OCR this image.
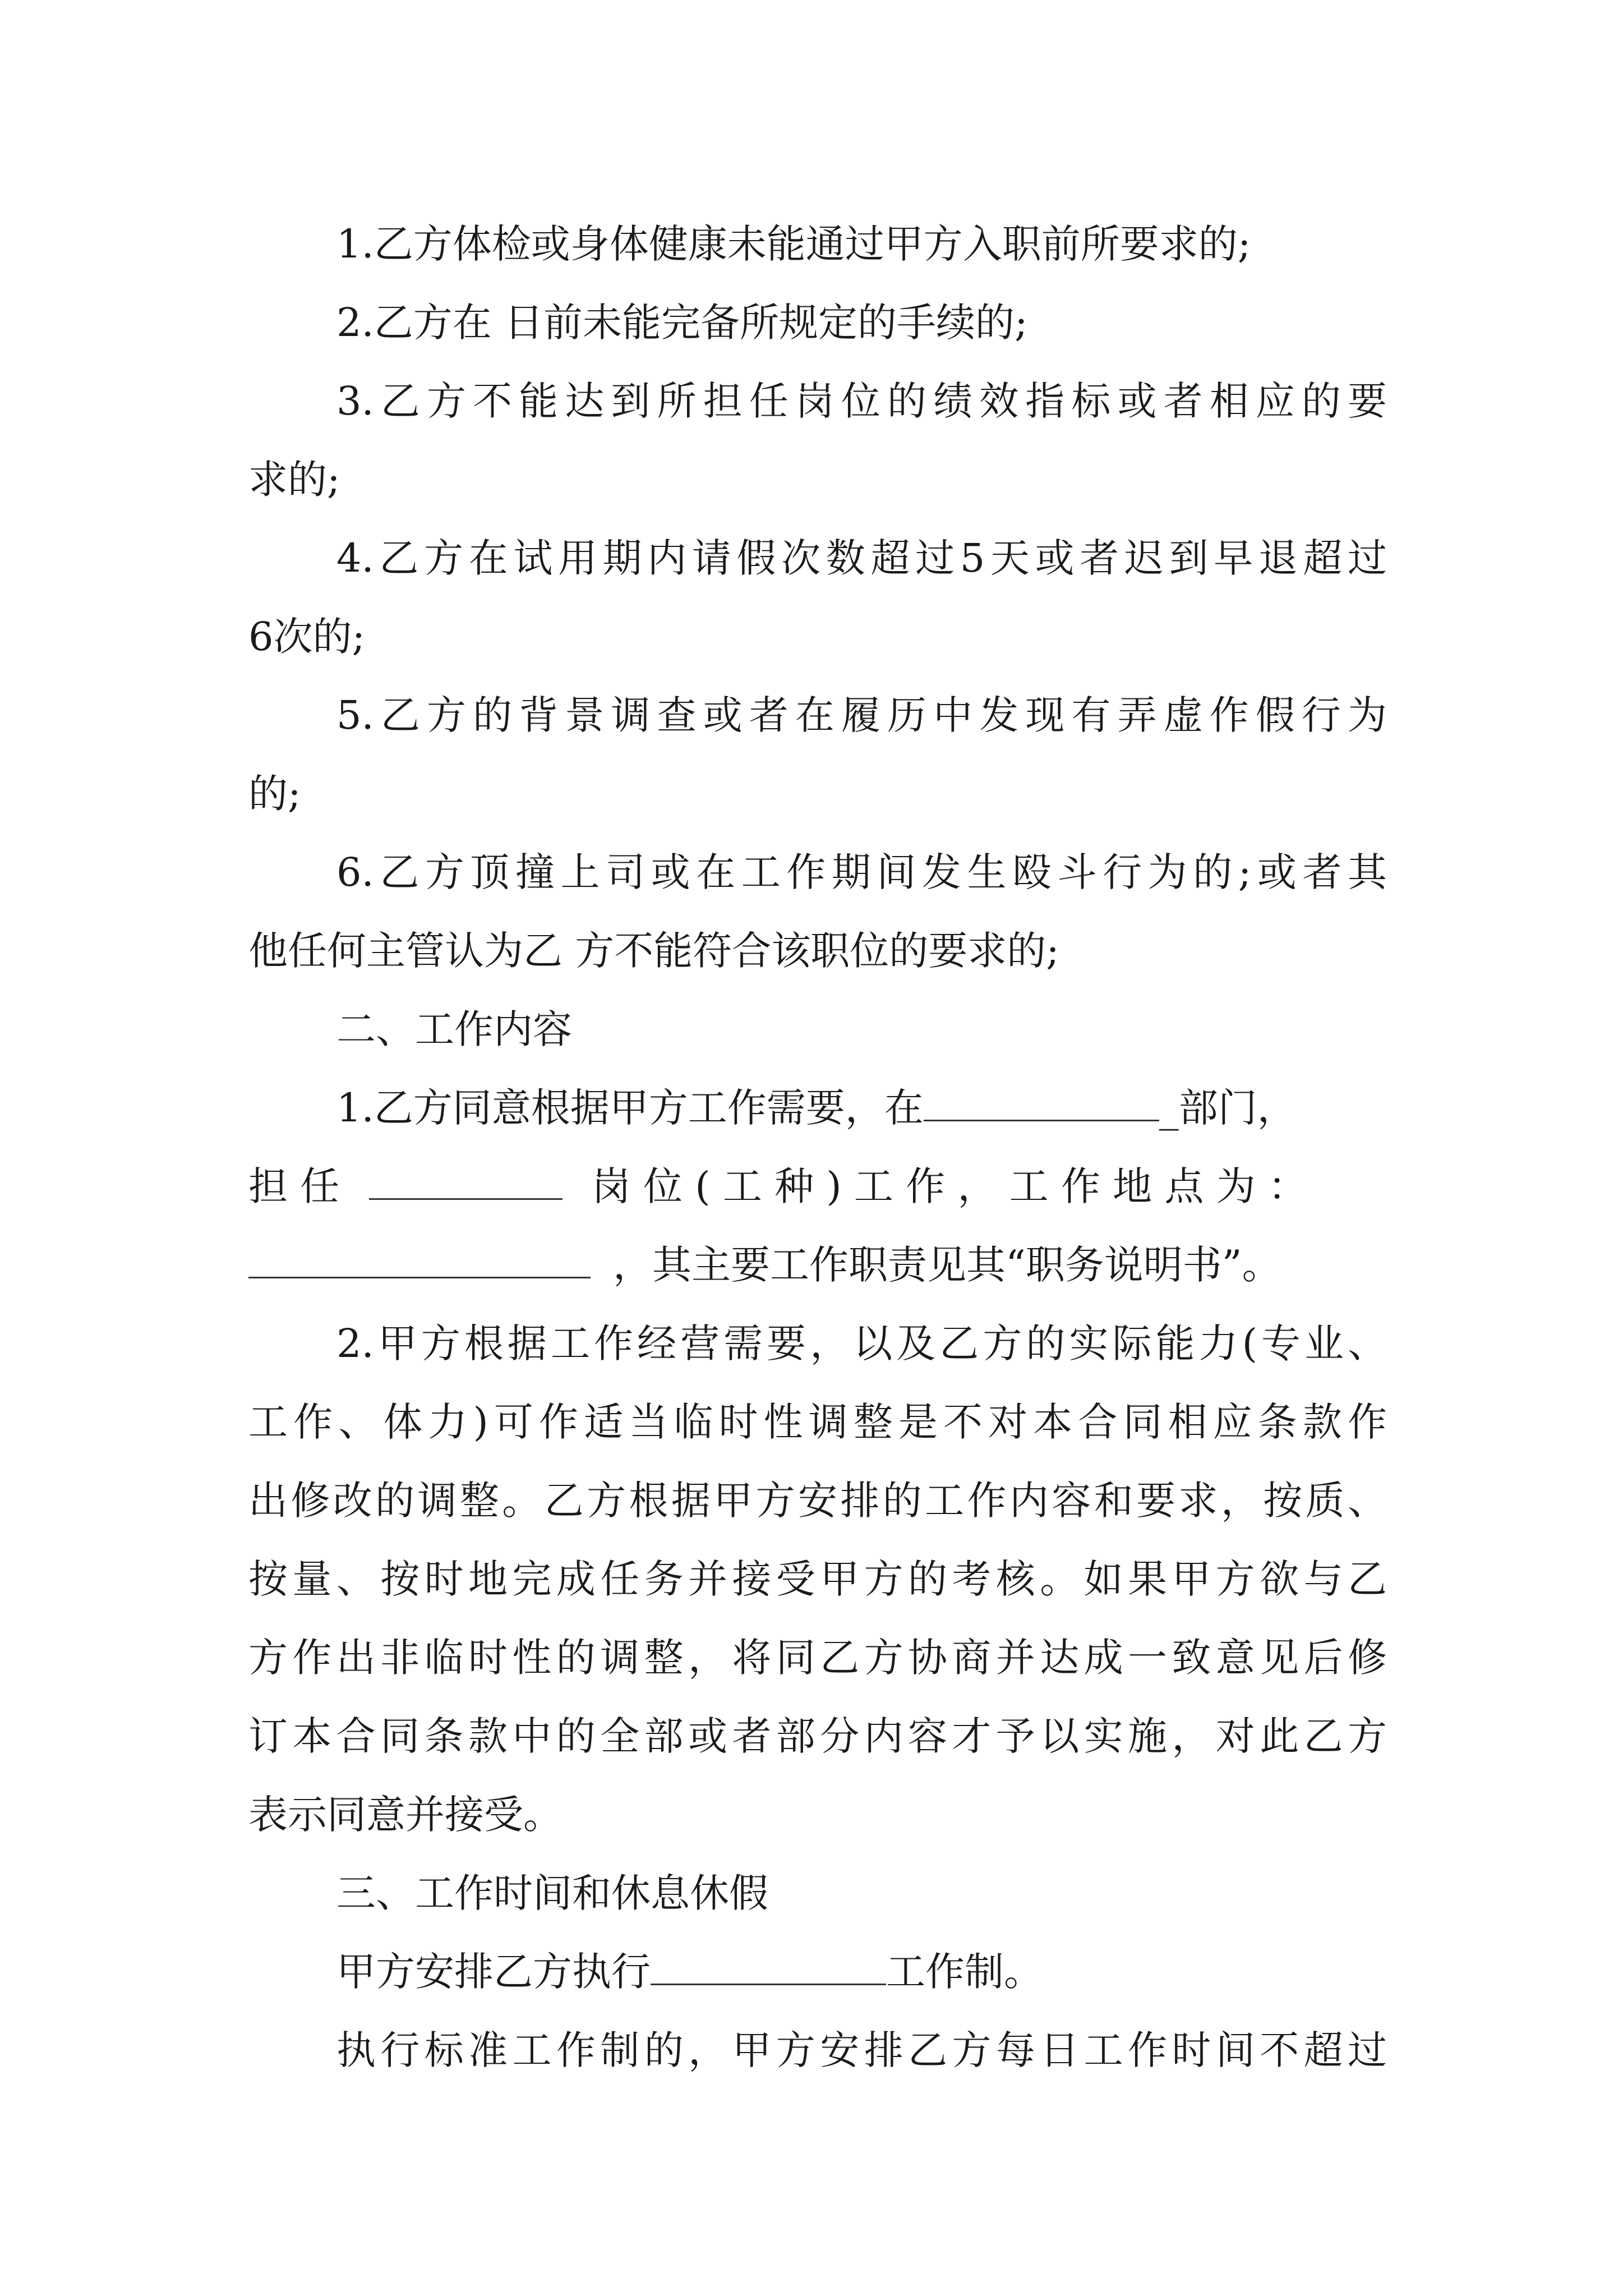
1.乙方体检或身体健康未能通过甲方入职前所要求的;
2.乙方在 日前未能完备所规定的手续的;
3.乙方不能达到所担任岗位的绩效指标或者相应的要
求的;
4.乙方在试用期内请假次数超过5天或者迟到早退超过
6次的;
5.乙方的背景调查或者在履历中发现有弄虚作假行为
的;
6.乙方顶撞上司或在工作期间发生殴斗行为的;或者其
他任何主管认为乙 方不能符合该职位的要求的;
二、工作内容
1.乙方同意根据甲方工作需要，在	_部门，
担 任	岗 位 ( 工 种 ) 工 作 ， 工 作 地 点 为 ：
，其主要工作职责见其“职务说明书”。
2.甲方根据工作经营需要，以及乙方的实际能力(专业、
工作、体力)可作适当临时性调整是不对本合同相应条款作
出修改的调整。乙方根据甲方安排的工作内容和要求，按质、
按量、按时地完成任务并接受甲方的考核。如果甲方欲与乙
方作出非临时性的调整，将同乙方协商并达成一致意见后修
订本合同条款中的全部或者部分内容才予以实施，对此乙方
表示同意并接受。
三、工作时间和休息休假
甲方安排乙方执行	工作制。
执行标准工作制的，甲方安排乙方每日工作时间不超过
